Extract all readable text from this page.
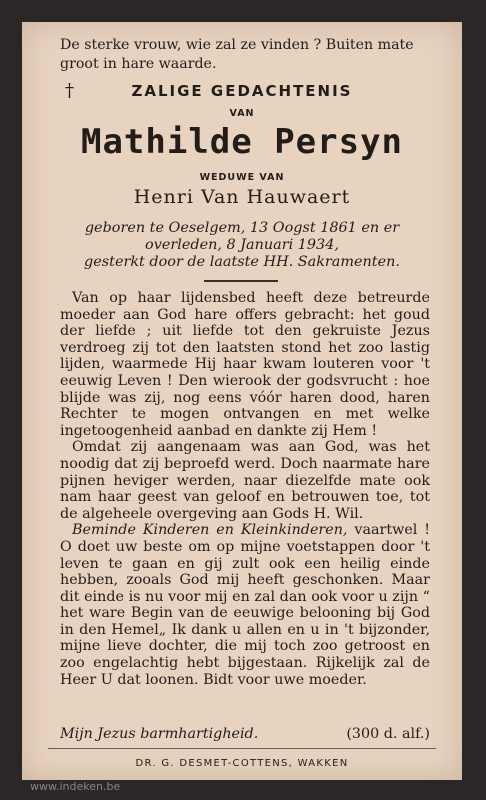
De sterke vrouw, wie zal ze vinden ? Buiten mate groot in hare waarde.

†	ZALIGE GEDACHTENIS

VAN

Mathilde Persyn

WEDUWE VAN

Henri Van Hauwaert

geboren te Oeselgem, 13 Oogst 1861 en er

overleden, 8 Januari 1934,

gesterkt door de laatste HH. Sakramenten.

Van op haar lijdensbed heeft deze betreurde moeder aan God hare offers gebracht: het goud der liefde ; uit liefde tot den gekruiste Jezus verdroeg zij tot den laatsten stond het zoo lastig lijden, waarmede Hij haar kwam louteren voor 't eeuwig Leven ! Den wierook der godsvrucht : hoe blijde was zij, nog eens vóór haren dood, haren Rechter te mogen ontvangen en met welke ingetoogenheid aanbad en dankte zij Hem !

Omdat zij aangenaam was aan God, was het noodig dat zij beproefd werd. Doch naarmate hare pijnen heviger werden, naar diezelfde mate ook nam haar geest van geloof en betrouwen toe, tot de algeheele overgeving aan Gods H. Wil.

Beminde Kinderen en Kleinkinderen, vaartwel ! O doet uw beste om op mijne voetstappen door 't leven te gaan en gij zult ook een heilig einde hebben, zooals God mij heeft geschonken. Maar dit einde is nu voor mij en zal dan ook voor u zijn “ het ware Begin van de eeuwige belooning bij God in den Hemel„ Ik dank u allen en u in 't bijzonder, mijne lieve dochter, die mij toch zoo getroost en zoo engelachtig hebt bijgestaan. Rijkelijk zal de Heer U dat loonen. Bidt voor uwe moeder.

Mijn Jezus barmhartigheid.	(300 d. alf.)

DR. G. DESMET-COTTENS, WAKKEN

www.indeken.be
